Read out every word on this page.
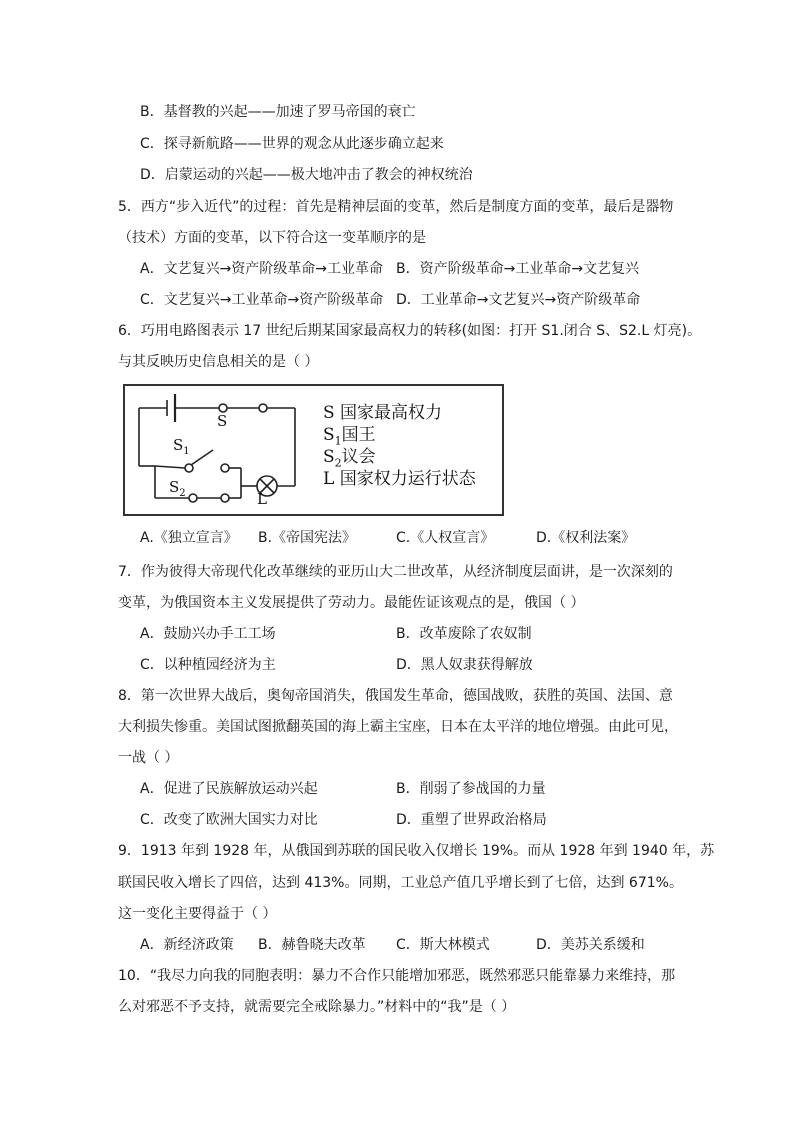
B．基督教的兴起——加速了罗马帝国的衰亡
C．探寻新航路——世界的观念从此逐步确立起来
D．启蒙运动的兴起——极大地冲击了教会的神权统治
5．西方“步入近代”的过程：首先是精神层面的变革，然后是制度方面的变革，最后是器物
（技术）方面的变革，以下符合这一变革顺序的是
A．文艺复兴→资产阶级革命→工业革命 B．资产阶级革命→工业革命→文艺复兴
C．文艺复兴→工业革命→资产阶级革命 D．工业革命→文艺复兴→资产阶级革命
6．巧用电路图表示 17 世纪后期某国家最高权力的转移(如图：打开 S1.闭合 S、S2.L 灯亮)。
与其反映历史信息相关的是（ ）
S
$S_1$
$S_2$	L
S 国家最高权力
$S_1$国王
$S_2$议会
L 国家权力运行状态
A.《独立宣言》 B.《帝国宪法》	C.《人权宣言》	D.《权利法案》
7．作为彼得大帝现代化改革继续的亚历山大二世改革，从经济制度层面讲，是一次深刻的
变革，为俄国资本主义发展提供了劳动力。最能佐证该观点的是，俄国（ ）
A．鼓励兴办手工工场	B．改革废除了农奴制
C．以种植园经济为主	D．黑人奴隶获得解放
8．第一次世界大战后，奥匈帝国消失，俄国发生革命，德国战败，获胜的英国、法国、意
大利损失惨重。美国试图掀翻英国的海上霸主宝座，日本在太平洋的地位增强。由此可见，
一战（ ）
A．促进了民族解放运动兴起	B．削弱了参战国的力量
C．改变了欧洲大国实力对比	D．重塑了世界政治格局
9．1913 年到 1928 年，从俄国到苏联的国民收入仅增长 19%。而从 1928 年到 1940 年，苏
联国民收入增长了四倍，达到 413%。同期，工业总产值几乎增长到了七倍，达到 671%。
这一变化主要得益于（ ）
A．新经济政策 B．赫鲁晓夫改革 C．斯大林模式	D．美苏关系缓和
10．“我尽力向我的同胞表明：暴力不合作只能增加邪恶，既然邪恶只能靠暴力来维持，那
么对邪恶不予支持，就需要完全戒除暴力。”材料中的“我”是（ ）
